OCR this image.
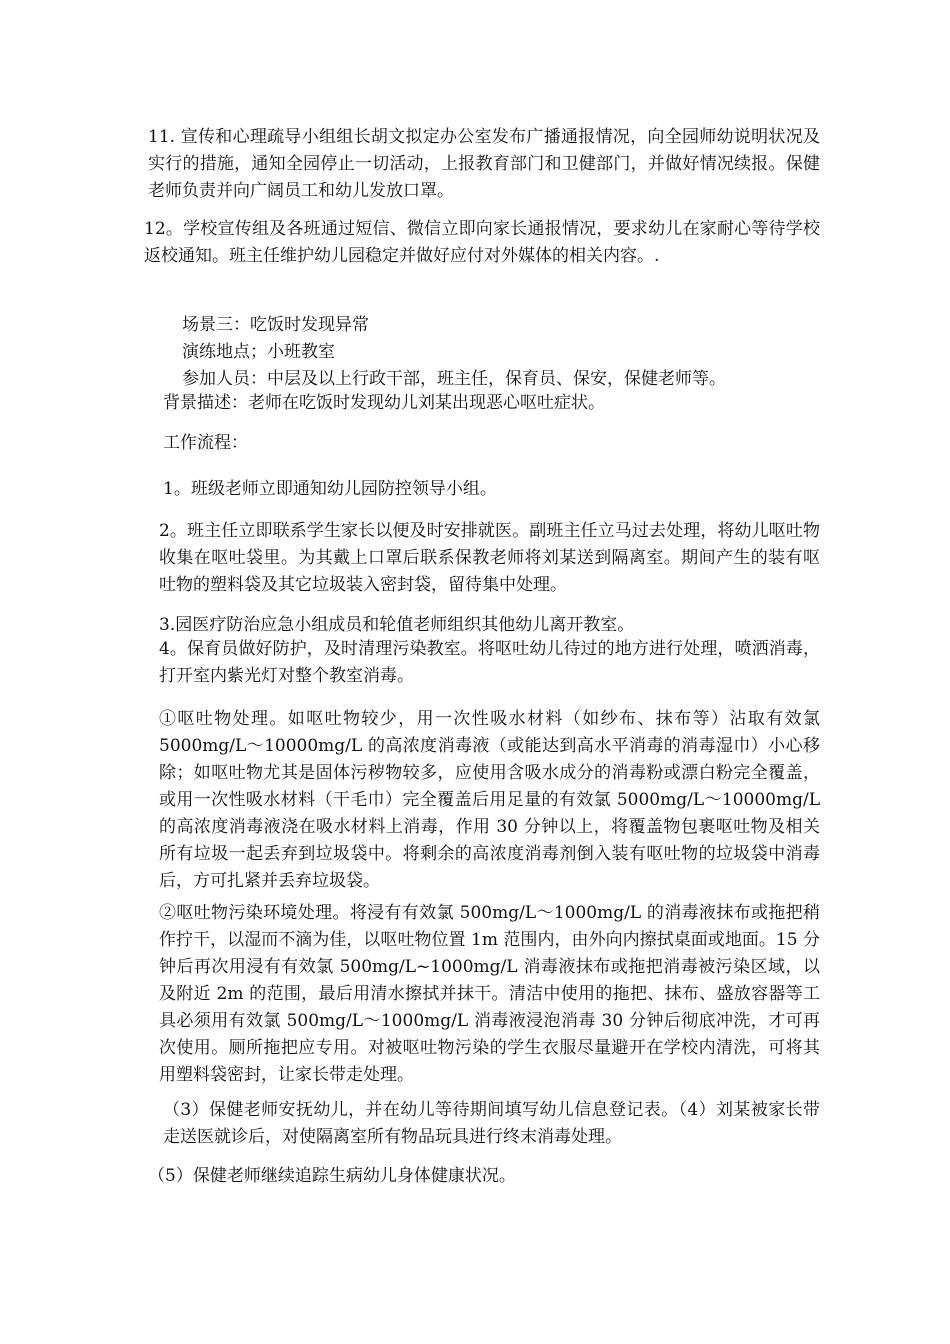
11. 宣传和心理疏导小组组长胡文拟定办公室发布广播通报情况，向全园师幼说明状况及实行的措施，通知全园停止一切活动，上报教育部门和卫健部门，并做好情况续报。保健老师负责并向广阔员工和幼儿发放口罩。

12。学校宣传组及各班通过短信、微信立即向家长通报情况，要求幼儿在家耐心等待学校返校通知。班主任维护幼儿园稳定并做好应付对外媒体的相关内容。.

场景三：吃饭时发现异常

演练地点；小班教室

参加人员：中层及以上行政干部，班主任，保育员、保安，保健老师等。

背景描述：老师在吃饭时发现幼儿刘某出现恶心呕吐症状。

工作流程：

1。班级老师立即通知幼儿园防控领导小组。

2。班主任立即联系学生家长以便及时安排就医。副班主任立马过去处理，将幼儿呕吐物收集在呕吐袋里。为其戴上口罩后联系保教老师将刘某送到隔离室。期间产生的装有呕吐物的塑料袋及其它垃圾装入密封袋，留待集中处理。

3.园医疗防治应急小组成员和轮值老师组织其他幼儿离开教室。

4。保育员做好防护，及时清理污染教室。将呕吐幼儿待过的地方进行处理，喷洒消毒，打开室内紫光灯对整个教室消毒。

①呕吐物处理。如呕吐物较少，用一次性吸水材料（如纱布、抹布等）沾取有效氯 5000mg/L～10000mg/L 的高浓度消毒液（或能达到高水平消毒的消毒湿巾）小心移除；如呕吐物尤其是固体污秽物较多，应使用含吸水成分的消毒粉或漂白粉完全覆盖，或用一次性吸水材料（干毛巾）完全覆盖后用足量的有效氯 5000mg/L～10000mg/L 的高浓度消毒液浇在吸水材料上消毒，作用 30 分钟以上，将覆盖物包裹呕吐物及相关所有垃圾一起丢弃到垃圾袋中。将剩余的高浓度消毒剂倒入装有呕吐物的垃圾袋中消毒后，方可扎紧并丢弃垃圾袋。

②呕吐物污染环境处理。将浸有有效氯 500mg/L～1000mg/L 的消毒液抹布或拖把稍作拧干，以湿而不滴为佳，以呕吐物位置 1m 范围内，由外向内擦拭桌面或地面。15 分钟后再次用浸有有效氯 500mg/L~1000mg/L 消毒液抹布或拖把消毒被污染区域，以及附近 2m 的范围，最后用清水擦拭并抹干。清洁中使用的拖把、抹布、盛放容器等工具必须用有效氯 500mg/L～1000mg/L 消毒液浸泡消毒 30 分钟后彻底冲洗，才可再次使用。厕所拖把应专用。对被呕吐物污染的学生衣服尽量避开在学校内清洗，可将其用塑料袋密封，让家长带走处理。

（3）保健老师安抚幼儿，并在幼儿等待期间填写幼儿信息登记表。（4）刘某被家长带走送医就诊后，对使隔离室所有物品玩具进行终末消毒处理。

（5）保健老师继续追踪生病幼儿身体健康状况。
